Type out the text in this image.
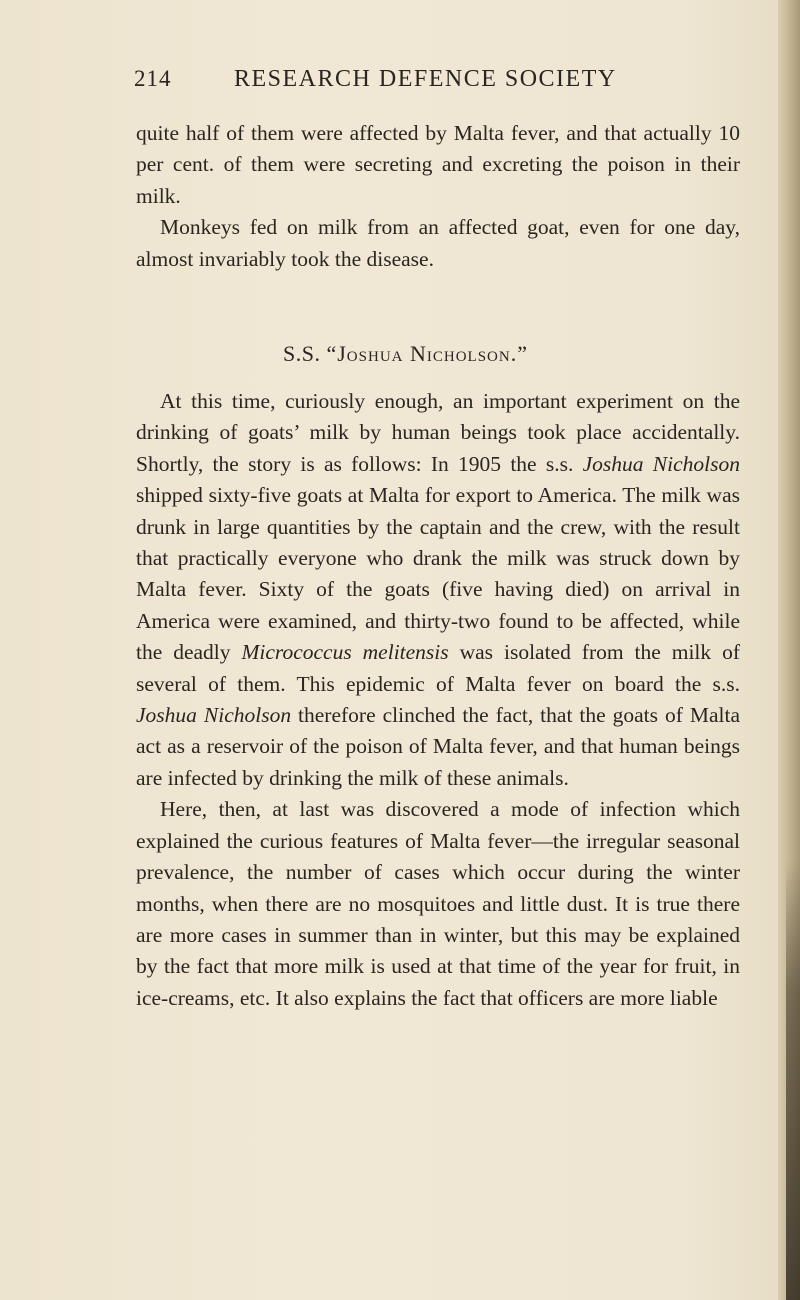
214	RESEARCH DEFENCE SOCIETY

quite half of them were affected by Malta fever, and that actually 10 per cent. of them were secreting and excreting the poison in their milk.

Monkeys fed on milk from an affected goat, even for one day, almost invariably took the disease.

S.S. “Joshua Nicholson.”

At this time, curiously enough, an important experiment on the drinking of goats’ milk by human beings took place accidentally. Shortly, the story is as follows: In 1905 the s.s. Joshua Nicholson shipped sixty-five goats at Malta for export to America. The milk was drunk in large quantities by the captain and the crew, with the result that practically everyone who drank the milk was struck down by Malta fever. Sixty of the goats (five having died) on arrival in America were examined, and thirty-two found to be affected, while the deadly Micrococcus melitensis was isolated from the milk of several of them. This epidemic of Malta fever on board the s.s. Joshua Nicholson therefore clinched the fact, that the goats of Malta act as a reservoir of the poison of Malta fever, and that human beings are infected by drinking the milk of these animals.

Here, then, at last was discovered a mode of infection which explained the curious features of Malta fever—the irregular seasonal prevalence, the number of cases which occur during the winter months, when there are no mosquitoes and little dust. It is true there are more cases in summer than in winter, but this may be explained by the fact that more milk is used at that time of the year for fruit, in ice-creams, etc. It also explains the fact that officers are more liable
